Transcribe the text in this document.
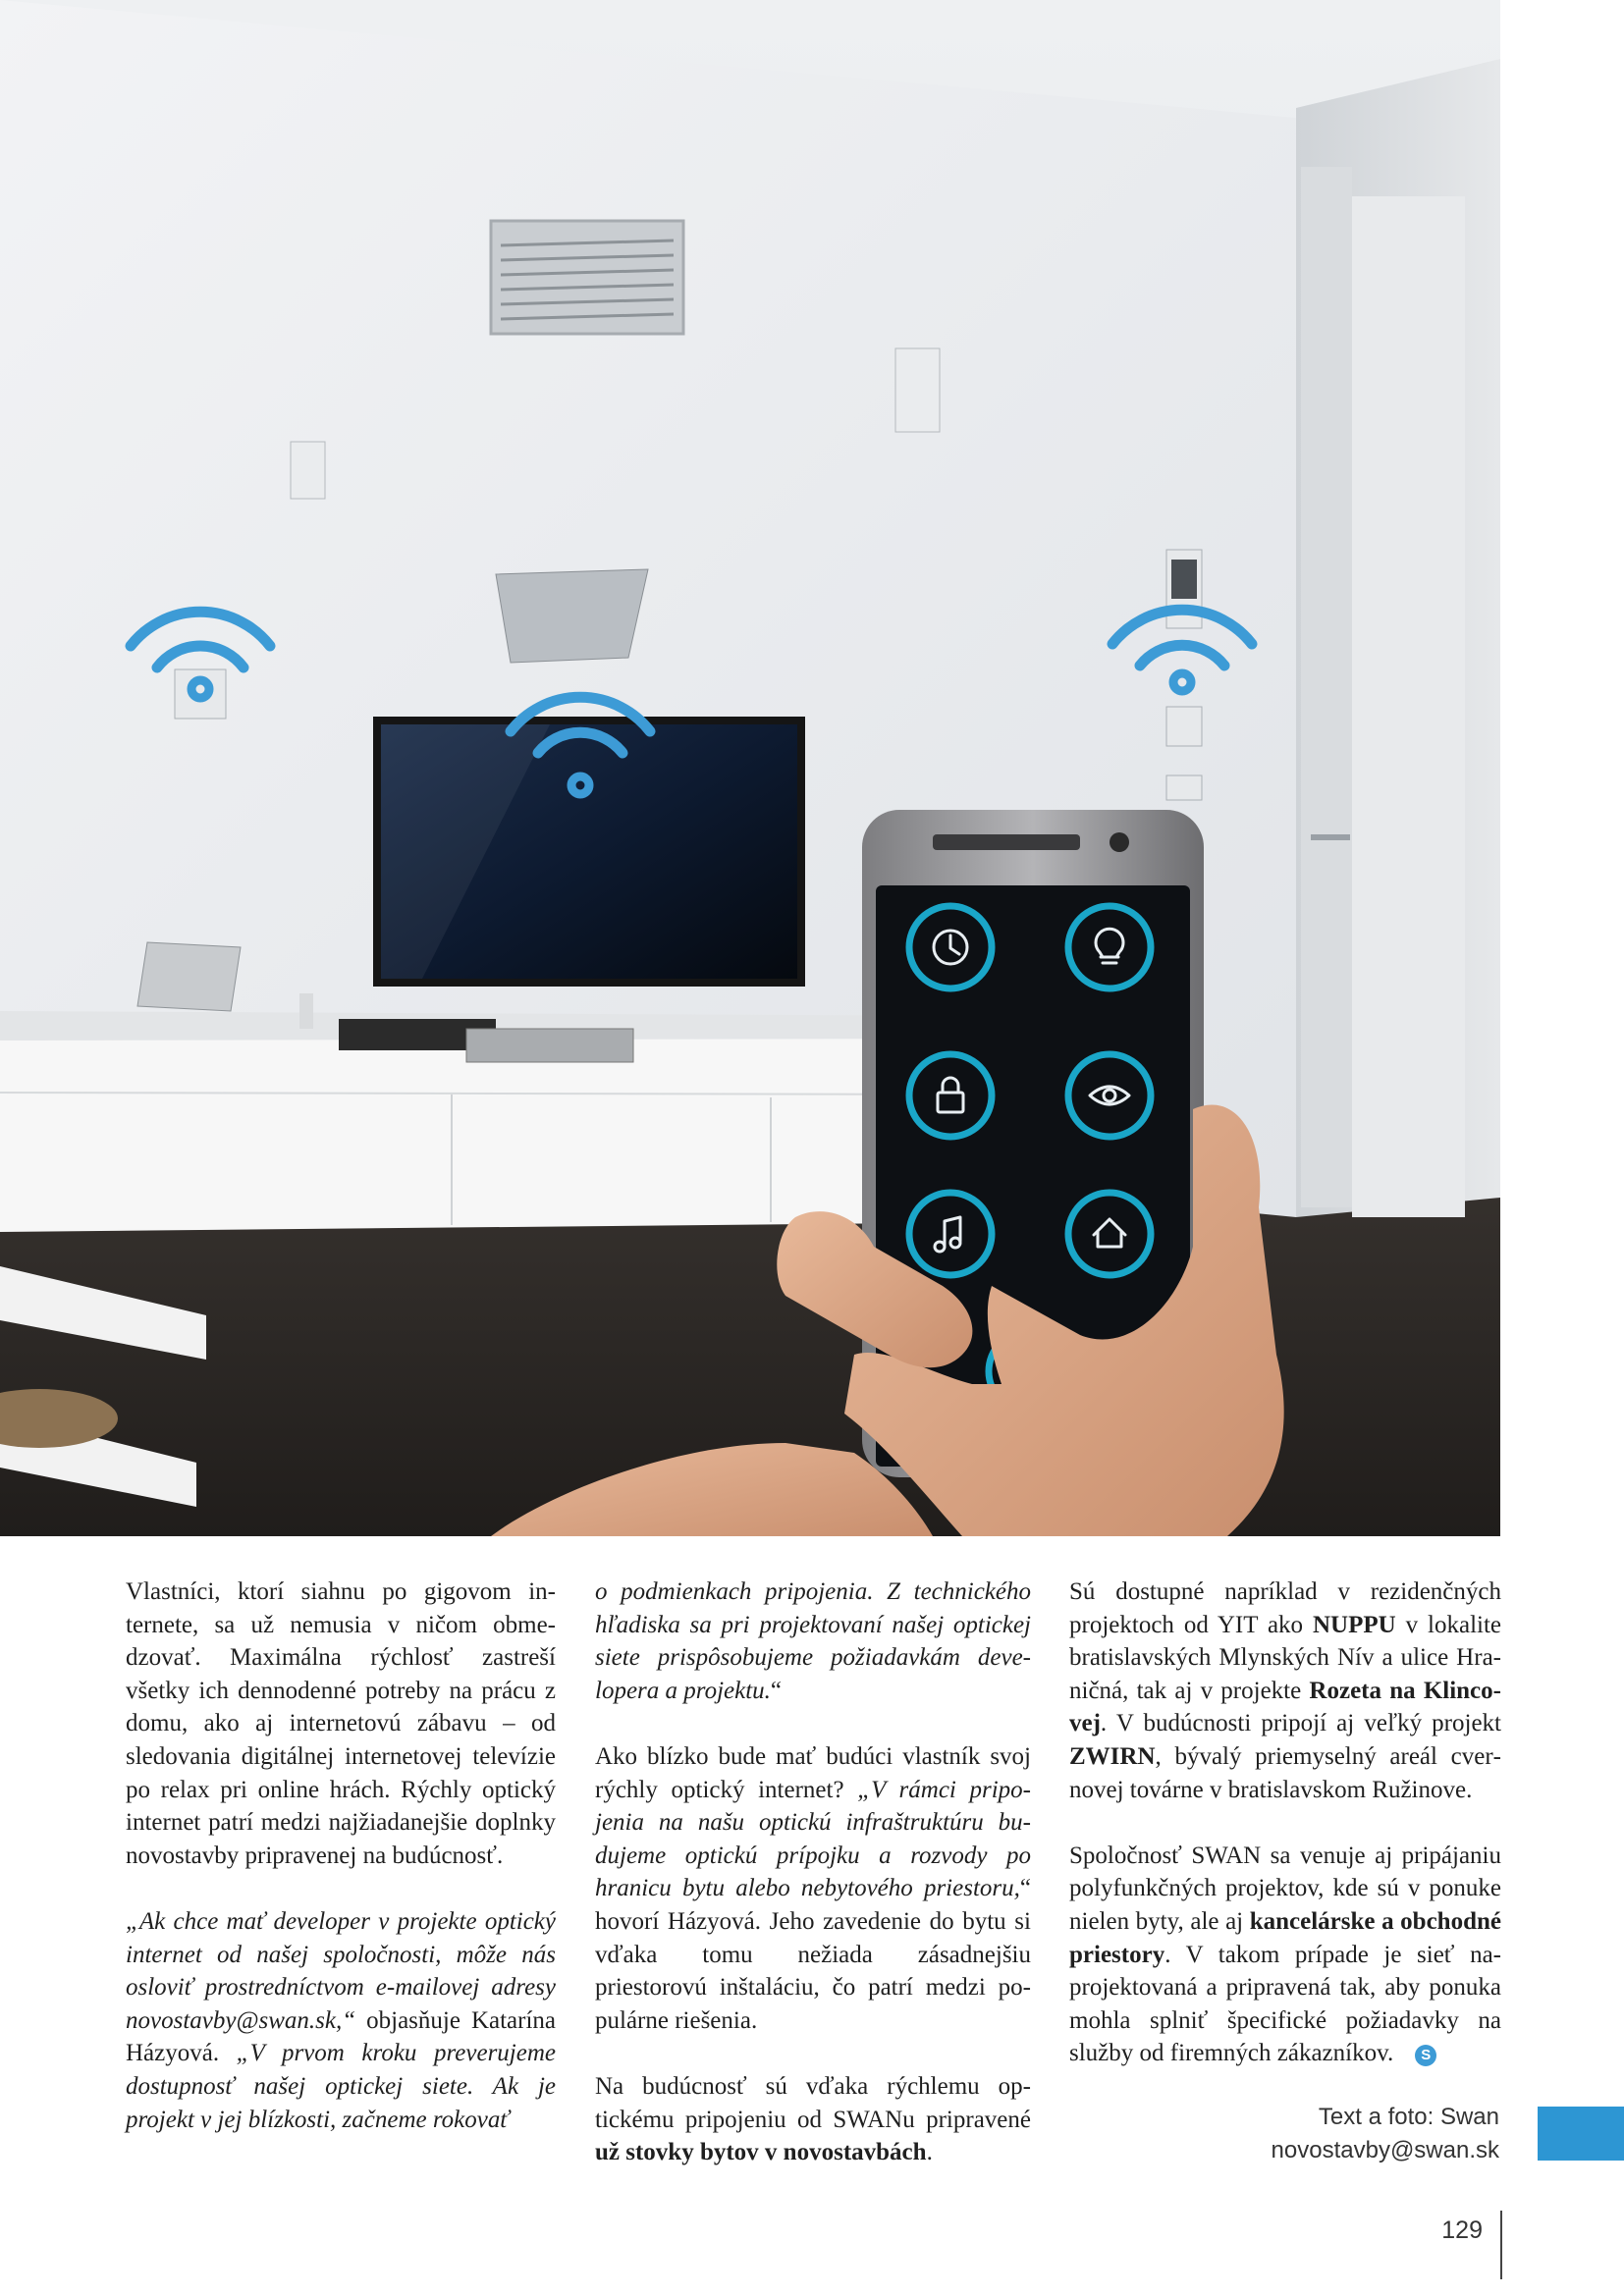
Vlastníci, ktorí siahnu po gigovom internete, sa už nemusia v ničom obmedzovať. Maximálna rýchlosť zastreší všetky ich dennodenné potreby na prácu z domu, ako aj internetovú zábavu – od sledovania digitálnej internetovej televízie po relax pri online hrách. Rýchly optický internet patrí medzi najžiadanejšie doplnky novostavby pripravenej na budúcnosť.

„Ak chce mať developer v projekte optický internet od našej spoločnosti, môže nás osloviť prostredníctvom e-mailovej adresy novostavby@swan.sk,“ objasňuje Katarína Házyová. „V prvom kroku preverujeme dostupnosť našej optickej siete. Ak je projekt v jej blízkosti, začneme rokovať

o podmienkach pripojenia. Z technického hľadiska sa pri projektovaní našej optickej siete prispôsobujeme požiadavkám developera a projektu.“

Ako blízko bude mať budúci vlastník svoj rýchly optický internet? „V rámci pripojenia na našu optickú infraštruktúru budujeme optickú prípojku a rozvody po hranicu bytu alebo nebytového priestoru,“ hovorí Házyová. Jeho zavedenie do bytu si vďaka tomu nežiada zásadnejšiu priestorovú inštaláciu, čo patrí medzi populárne riešenia.

Na budúcnosť sú vďaka rýchlemu optickému pripojeniu od SWANu pripravené už stovky bytov v novostavbách.

Sú dostupné napríklad v rezidenčných projektoch od YIT ako NUPPU v lokalite bratislavských Mlynských Nív a ulice Hraničná, tak aj v projekte Rozeta na Klincovej. V budúcnosti pripojí aj veľký projekt ZWIRN, bývalý priemyselný areál cvernovej továrne v bratislavskom Ružinove.

Spoločnosť SWAN sa venuje aj pripájaniu polyfunkčných projektov, kde sú v ponuke nielen byty, ale aj kancelárske a obchodné priestory. V takom prípade je sieť naprojektovaná a pripravená tak, aby ponuka mohla splniť špecifické požiadavky na služby od firemných zákazníkov. S

Text a foto: Swan
novostavby@swan.sk
129
